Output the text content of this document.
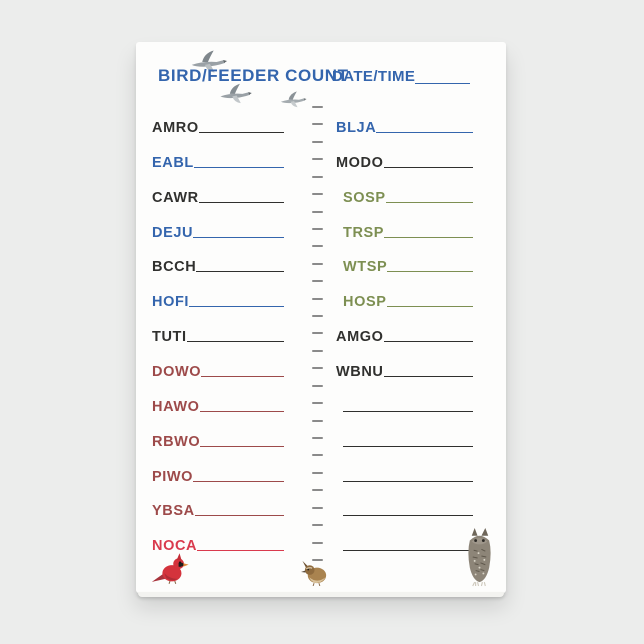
BIRD/FEEDER COUNT
DATE/TIME
AMRO
EABL
CAWR
DEJU
BCCH
HOFI
TUTI
DOWO
HAWO
RBWO
PIWO
YBSA
NOCA
BLJA
MODO
SOSP
TRSP
WTSP
HOSP
AMGO
WBNU
